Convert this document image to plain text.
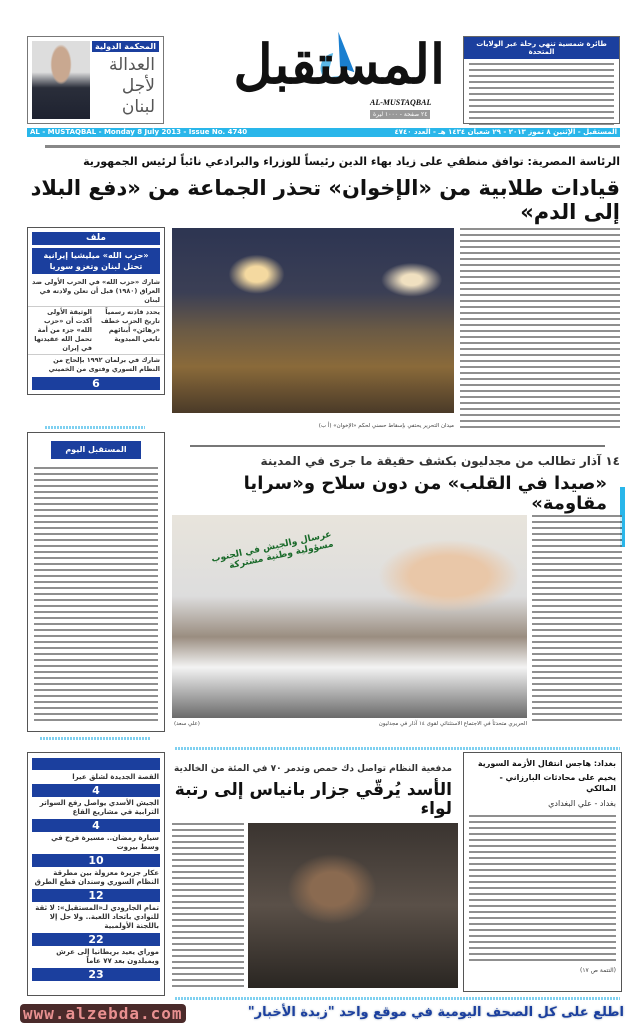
المحكمة الدولية
العدالة
لأجل
لبنان
المستقبل
AL-MUSTAQBAL
٢٤ صفحة - ١٠٠٠ ليرة
طائرة شمسية تنهي رحلة عبر الولايات المتحدة
AL - MUSTAQBAL - Monday 8 July 2013 - Issue No. 4740	المستقبل - الإثنين ٨ تموز ٢٠١٣ - ٢٩ شعبان ١٤٣٤ هـ - العدد ٤٧٤٠
الرئاسة المصرية: توافق منطقي على زياد بهاء الدين رئيساً للوزراء والبرادعي نائباً لرئيس الجمهورية
قيادات طلابية من «الإخوان» تحذر الجماعة من «دفع البلاد إلى الدم»
ملف
«حزب الله» ميليشيا إيرانية تحتل لبنان وتغزو سوريا
شارك «حزب الله» في الحرب الأولى ضد العراق (١٩٨٠) قبل أن تعلن ولادته في لبنان
يحدد قادته رسمياً تاريخ الحزب خطف «رهائن» أبنائهم تابعي المبدوية
الوثيقة الأولى أكدت أن «حزب الله» جزء من أمة تحمل الله عقيدتها في إيران
شارك في برلمان ١٩٩٢ بإلحاح من النظام السوري وفتوى من الخميني
6
المستقبل اليوم
ميدان التحرير يحتفي بإسقاط حسني لحكم «الإخوان» (أ ب)
١٤ آذار تطالب من مجدليون بكشف حقيقة ما جرى في المدينة
«صيدا في القلب» من دون سلاح و«سرايا مقاومة»
عرسال والجيش في الجنوب مسؤولية وطنية مشتركة
الحريري متحدثاً في الاجتماع الاستثنائي لقوى ١٤ آذار في مجدليون
(علي سعد)
القصة الجديدة لشلق عيرا
4
الجيش الأسدي يواصل رفع السواتر الترابية في مشاريع القاع
4
سيارة رمضان.. مسيرة فرح في وسط بيروت
10
عكار جزيرة معزولة بين مطرقة النظام السوري وسندان قطع الطرق
12
تمام الجارودي لـ«المستقبل»: لا ثقة للنوادي باتحاد اللعبة.. ولا حل إلا باللجنة الأولمبية
22
موراي يعيد بريطانيا إلى عرش ويمبلدون بعد ٧٧ عاماً
23
مدفعية النظام تواصل دك حمص وتدمر ٧٠ في المئة من الخالدية
الأسد يُرقّي جزار بانياس إلى رتبة لواء
بغداد: هاجس انتقال الأزمة السورية
يخيم على محادثات البارزاني - المالكي
بغداد - علي البغدادي
(التتمة ص ١٧)
www.alzebda.com	اطلع على كل الصحف اليومية في موقع واحد "زبدة الأخبار"
